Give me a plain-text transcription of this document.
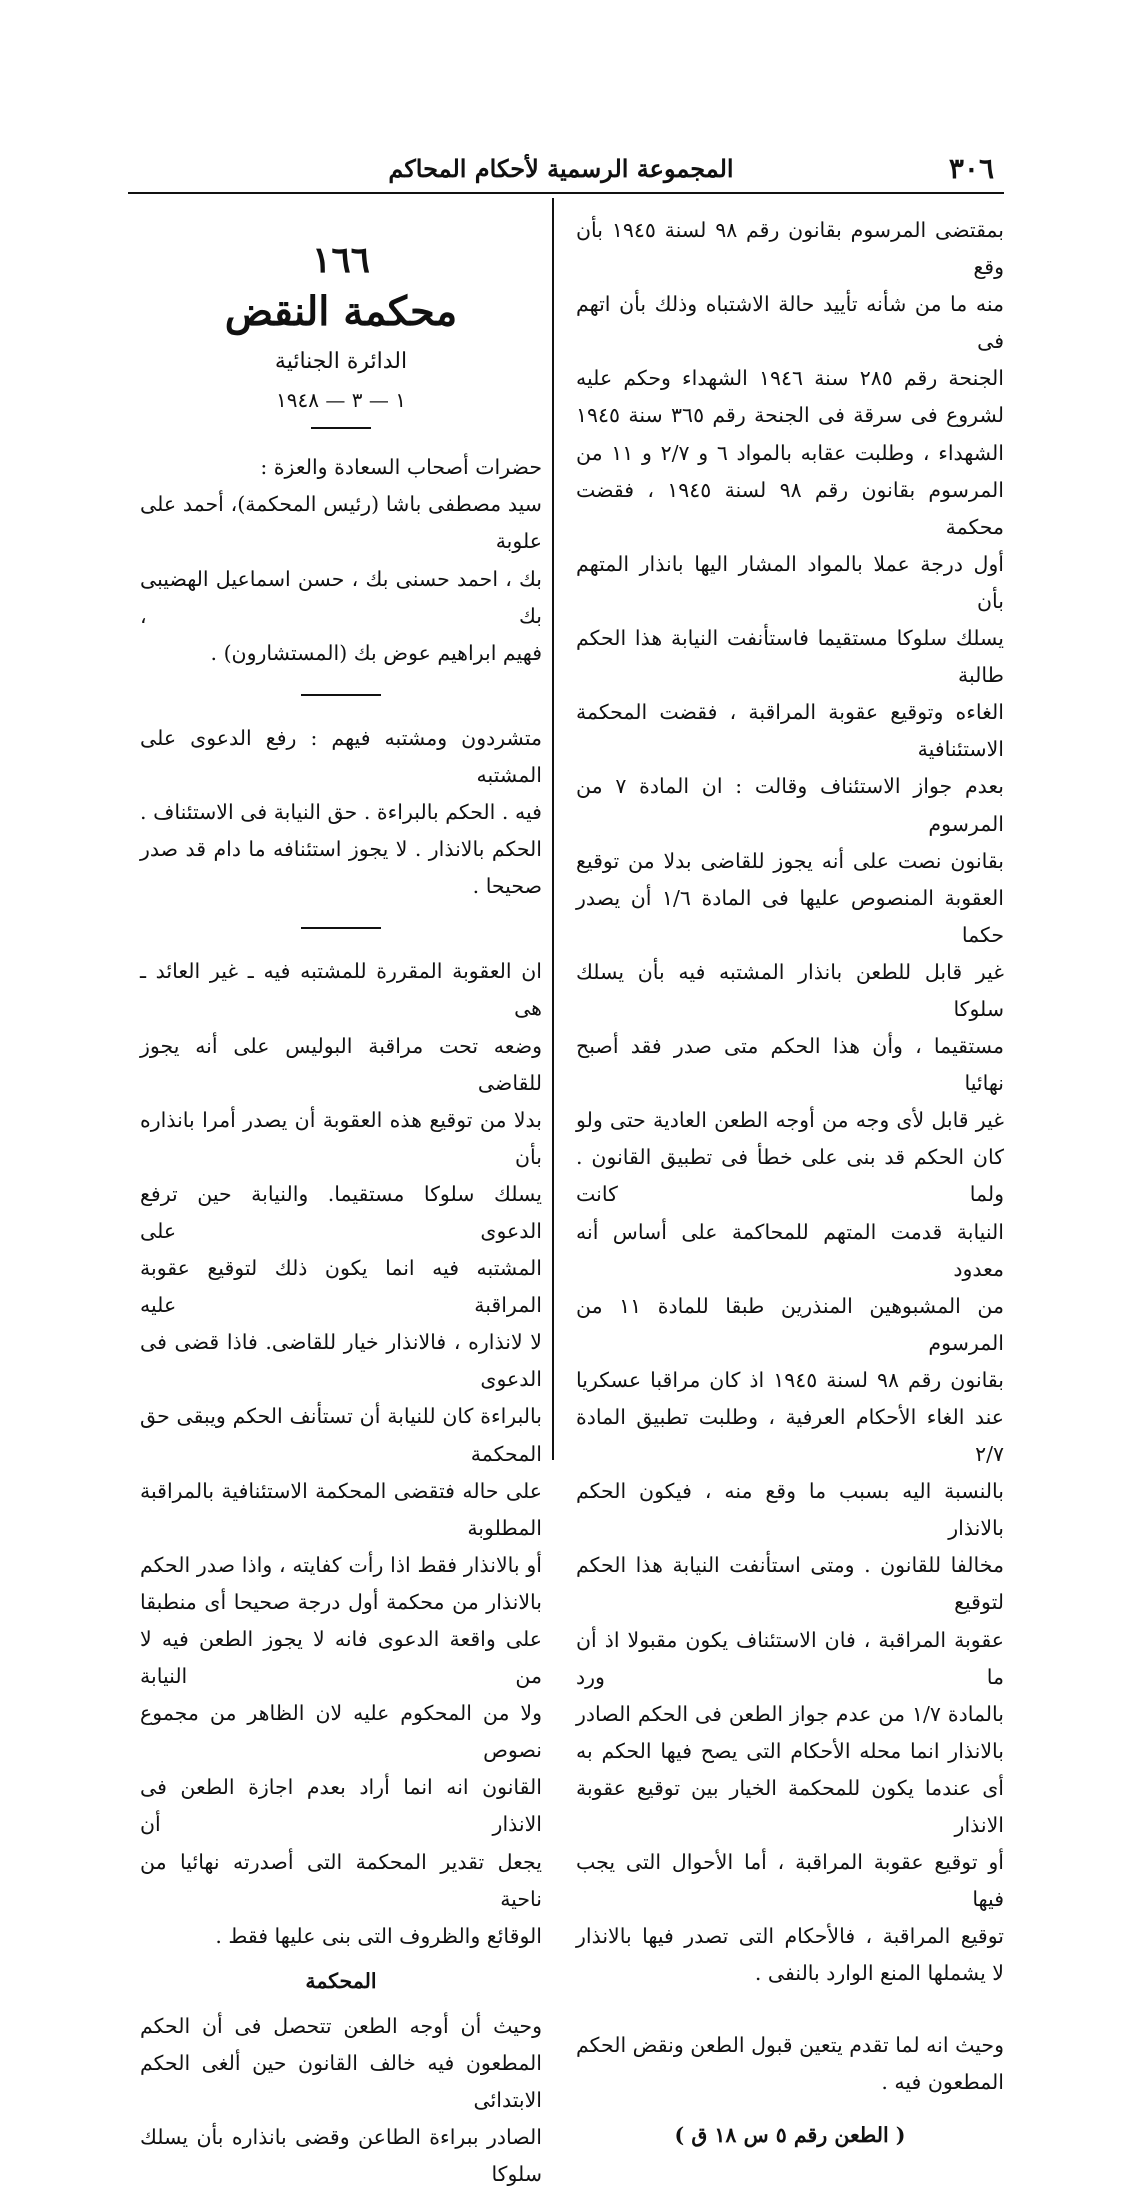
٣٠٦
المجموعة الرسمية لأحكام المحاكم

بمقتضى المرسوم بقانون رقم ٩٨ لسنة ١٩٤٥ بأن وقع

منه ما من شأنه تأييد حالة الاشتباه وذلك بأن اتهم فى

الجنحة رقم ٢٨٥ سنة ١٩٤٦ الشهداء وحكم عليه

لشروع فى سرقة فى الجنحة رقم ٣٦٥ سنة ١٩٤٥

الشهداء ، وطلبت عقابه بالمواد ٦ و ٢/٧ و ١١ من

المرسوم بقانون رقم ٩٨ لسنة ١٩٤٥ ، فقضت محكمة

أول درجة عملا بالمواد المشار اليها بانذار المتهم بأن

يسلك سلوكا مستقيما فاستأنفت النيابة هذا الحكم طالبة

الغاءه وتوقيع عقوبة المراقبة ، فقضت المحكمة الاستئنافية

بعدم جواز الاستئناف وقالت : ان المادة ٧ من المرسوم

بقانون نصت على أنه يجوز للقاضى بدلا من توقيع

العقوبة المنصوص عليها فى المادة ١/٦ أن يصدر حكما

غير قابل للطعن بانذار المشتبه فيه بأن يسلك سلوكا

مستقيما ، وأن هذا الحكم متى صدر فقد أصبح نهائيا

غير قابل لأى وجه من أوجه الطعن العادية حتى ولو

كان الحكم قد بنى على خطأ فى تطبيق القانون . ولما كانت

النيابة قدمت المتهم للمحاكمة على أساس أنه معدود

من المشبوهين المنذرين طبقا للمادة ١١ من المرسوم

بقانون رقم ٩٨ لسنة ١٩٤٥ اذ كان مراقبا عسكريا

عند الغاء الأحكام العرفية ، وطلبت تطبيق المادة ٢/٧

بالنسبة اليه بسبب ما وقع منه ، فيكون الحكم بالانذار

مخالفا للقانون . ومتى استأنفت النيابة هذا الحكم لتوقيع

عقوبة المراقبة ، فان الاستئناف يكون مقبولا اذ أن ما ورد

بالمادة ١/٧ من عدم جواز الطعن فى الحكم الصادر

بالانذار انما محله الأحكام التى يصح فيها الحكم به

أى عندما يكون للمحكمة الخيار بين توقيع عقوبة الانذار

أو توقيع عقوبة المراقبة ، أما الأحوال التى يجب فيها

توقيع المراقبة ، فالأحكام التى تصدر فيها بالانذار

لا يشملها المنع الوارد بالنفى .

وحيث انه لما تقدم يتعين قبول الطعن ونقض الحكم

المطعون فيه .

( الطعن رقم ٥ س ١٨ ق )
١٦٦
محكمة النقض
الدائرة الجنائية
١ — ٣ — ١٩٤٨

حضرات أصحاب السعادة والعزة :

سيد مصطفى باشا (رئيس المحكمة)، أحمد على علوبة

بك ، احمد حسنى بك ، حسن اسماعيل الهضيبى بك ،

فهيم ابراهيم عوض بك (المستشارون) .

متشردون ومشتبه فيهم : رفع الدعوى على المشتبه

فيه . الحكم بالبراءة . حق النيابة فى الاستئناف .

الحكم بالانذار . لا يجوز استئنافه ما دام قد صدر

صحيحا .

ان العقوبة المقررة للمشتبه فيه ـ غير العائد ـ هى

وضعه تحت مراقبة البوليس على أنه يجوز للقاضى

بدلا من توقيع هذه العقوبة أن يصدر أمرا بانذاره بأن

يسلك سلوكا مستقيما. والنيابة حين ترفع الدعوى على

المشتبه فيه انما يكون ذلك لتوقيع عقوبة المراقبة عليه

لا لانذاره ، فالانذار خيار للقاضى. فاذا قضى فى الدعوى

بالبراءة كان للنيابة أن تستأنف الحكم ويبقى حق المحكمة

على حاله فتقضى المحكمة الاستئنافية بالمراقبة المطلوبة

أو بالانذار فقط اذا رأت كفايته ، واذا صدر الحكم

بالانذار من محكمة أول درجة صحيحا أى منطبقا

على واقعة الدعوى فانه لا يجوز الطعن فيه لا من النيابة

ولا من المحكوم عليه لان الظاهر من مجموع نصوص

القانون انه انما أراد بعدم اجازة الطعن فى الانذار أن

يجعل تقدير المحكمة التى أصدرته نهائيا من ناحية

الوقائع والظروف التى بنى عليها فقط .

المحكمة

وحيث أن أوجه الطعن تتحصل فى أن الحكم

المطعون فيه خالف القانون حين ألغى الحكم الابتدائى

الصادر ببراءة الطاعن وقضى بانذاره بأن يسلك سلوكا
